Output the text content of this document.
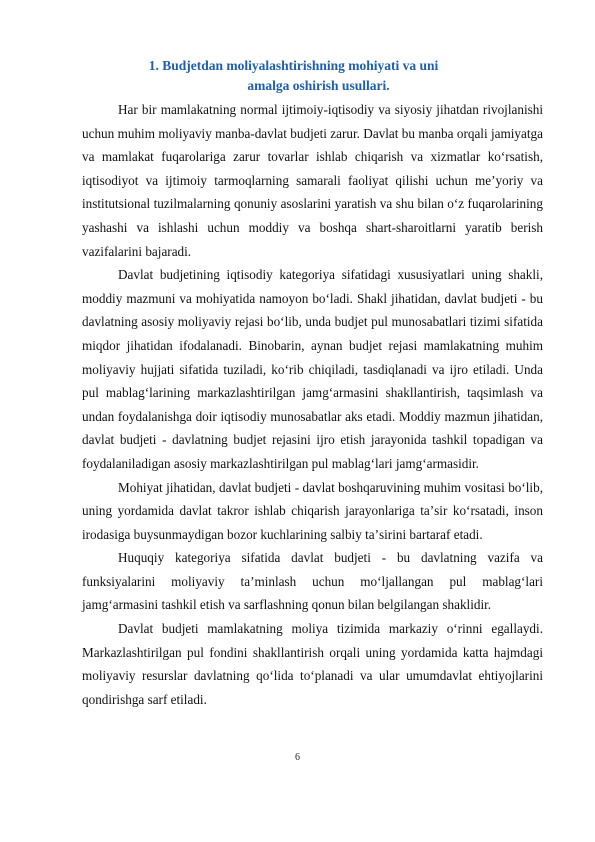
1. Budjetdan moliyalashtirishning mohiyati va uni
amalga oshirish usullari.

Har bir mamlakatning normal ijtimoiy-iqtisodiy va siyosiy jihatdan rivojlanishi uchun muhim moliyaviy manba-davlat budjeti zarur. Davlat bu manba orqali jamiyatga va mamlakat fuqarolariga zarur tovarlar ishlab chiqarish va xizmatlar koʻrsatish, iqtisodiyot va ijtimoiy tarmoqlarning samarali faoliyat qilishi uchun meʼyoriy va institutsional tuzilmalarning qonuniy asoslarini yaratish va shu bilan oʻz fuqarolarining yashashi va ishlashi uchun moddiy va boshqa shart-sharoitlarni yaratib berish vazifalarini bajaradi.

Davlat budjetining iqtisodiy kategoriya sifatidagi xususiyatlari uning shakli, moddiy mazmuni va mohiyatida namoyon boʻladi. Shakl jihatidan, davlat budjeti - bu davlatning asosiy moliyaviy rejasi boʻlib, unda budjet pul munosabatlari tizimi sifatida miqdor jihatidan ifodalanadi. Binobarin, aynan budjet rejasi mamlakatning muhim moliyaviy hujjati sifatida tuziladi, koʻrib chiqiladi, tasdiqlanadi va ijro etiladi. Unda pul mablagʻlarining markazlashtirilgan jamgʻarmasini shakllantirish, taqsimlash va undan foydalanishga doir iqtisodiy munosabatlar aks etadi. Moddiy mazmun jihatidan, davlat budjeti - davlatning budjet rejasini ijro etish jarayonida tashkil topadigan va foydalaniladigan asosiy markazlashtirilgan pul mablagʻlari jamgʻarmasidir.

Mohiyat jihatidan, davlat budjeti - davlat boshqaruvining muhim vositasi boʻlib, uning yordamida davlat takror ishlab chiqarish jarayonlariga taʼsir koʻrsatadi, inson irodasiga buysunmaydigan bozor kuchlarining salbiy taʼsirini bartaraf etadi.

Huquqiy kategoriya sifatida davlat budjeti - bu davlatning vazifa va funksiyalarini moliyaviy taʼminlash uchun moʻljallangan pul mablagʻlari jamgʻarmasini tashkil etish va sarflashning qonun bilan belgilangan shaklidir.

Davlat budjeti mamlakatning moliya tizimida markaziy oʻrinni egallaydi. Markazlashtirilgan pul fondini shakllantirish orqali uning yordamida katta hajmdagi moliyaviy resurslar davlatning qoʻlida toʻplanadi va ular umumdavlat ehtiyojlarini qondirishga sarf etiladi.

6
